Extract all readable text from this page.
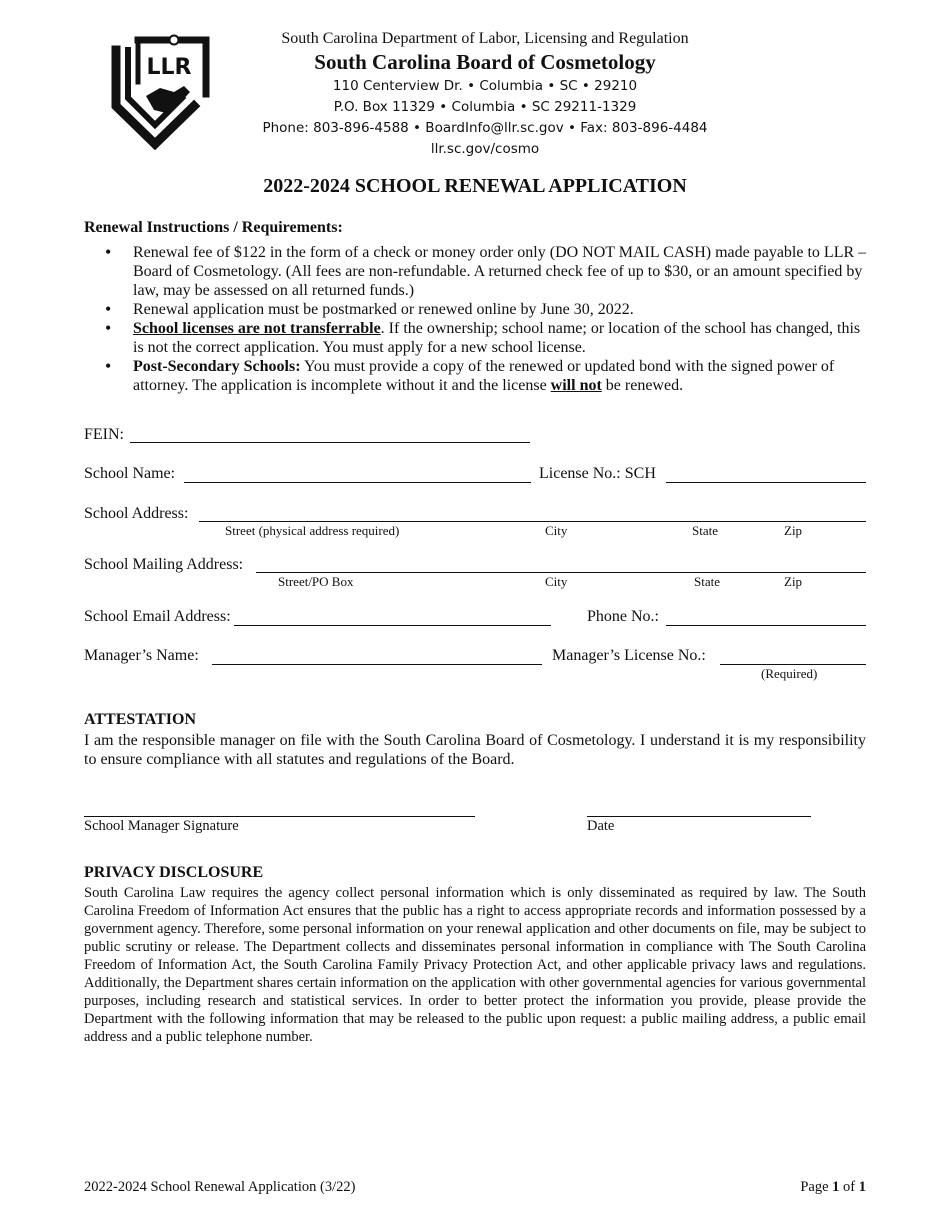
LLR
South Carolina Department of Labor, Licensing and Regulation
South Carolina Board of Cosmetology
110 Centerview Dr. • Columbia • SC • 29210
P.O. Box 11329 • Columbia • SC 29211-1329
Phone: 803-896-4588 • BoardInfo@llr.sc.gov • Fax: 803-896-4484
llr.sc.gov/cosmo
2022-2024 SCHOOL RENEWAL APPLICATION
Renewal Instructions / Requirements:
• Renewal fee of $122 in the form of a check or money order only (DO NOT MAIL CASH) made payable to LLR – Board of Cosmetology. (All fees are non-refundable. A returned check fee of up to $30, or an amount specified by law, may be assessed on all returned funds.)
• Renewal application must be postmarked or renewed online by June 30, 2022.
• School licenses are not transferrable. If the ownership; school name; or location of the school has changed, this is not the correct application. You must apply for a new school license.
• Post-Secondary Schools: You must provide a copy of the renewed or updated bond with the signed power of attorney. The application is incomplete without it and the license will not be renewed.
FEIN:
School Name:	License No.: SCH
School Address:
Street (physical address required)	City	State	Zip
School Mailing Address:
Street/PO Box	City	State	Zip
School Email Address:	Phone No.:
Manager’s Name:	Manager’s License No.:
(Required)
ATTESTATION
I am the responsible manager on file with the South Carolina Board of Cosmetology. I understand it is my responsibility to ensure compliance with all statutes and regulations of the Board.
School Manager Signature	Date
PRIVACY DISCLOSURE
South Carolina Law requires the agency collect personal information which is only disseminated as required by law. The South Carolina Freedom of Information Act ensures that the public has a right to access appropriate records and information possessed by a government agency. Therefore, some personal information on your renewal application and other documents on file, may be subject to public scrutiny or release. The Department collects and disseminates personal information in compliance with The South Carolina Freedom of Information Act, the South Carolina Family Privacy Protection Act, and other applicable privacy laws and regulations. Additionally, the Department shares certain information on the application with other governmental agencies for various governmental purposes, including research and statistical services. In order to better protect the information you provide, please provide the Department with the following information that may be released to the public upon request: a public mailing address, a public email address and a public telephone number.
2022-2024 School Renewal Application (3/22)	Page 1 of 1
